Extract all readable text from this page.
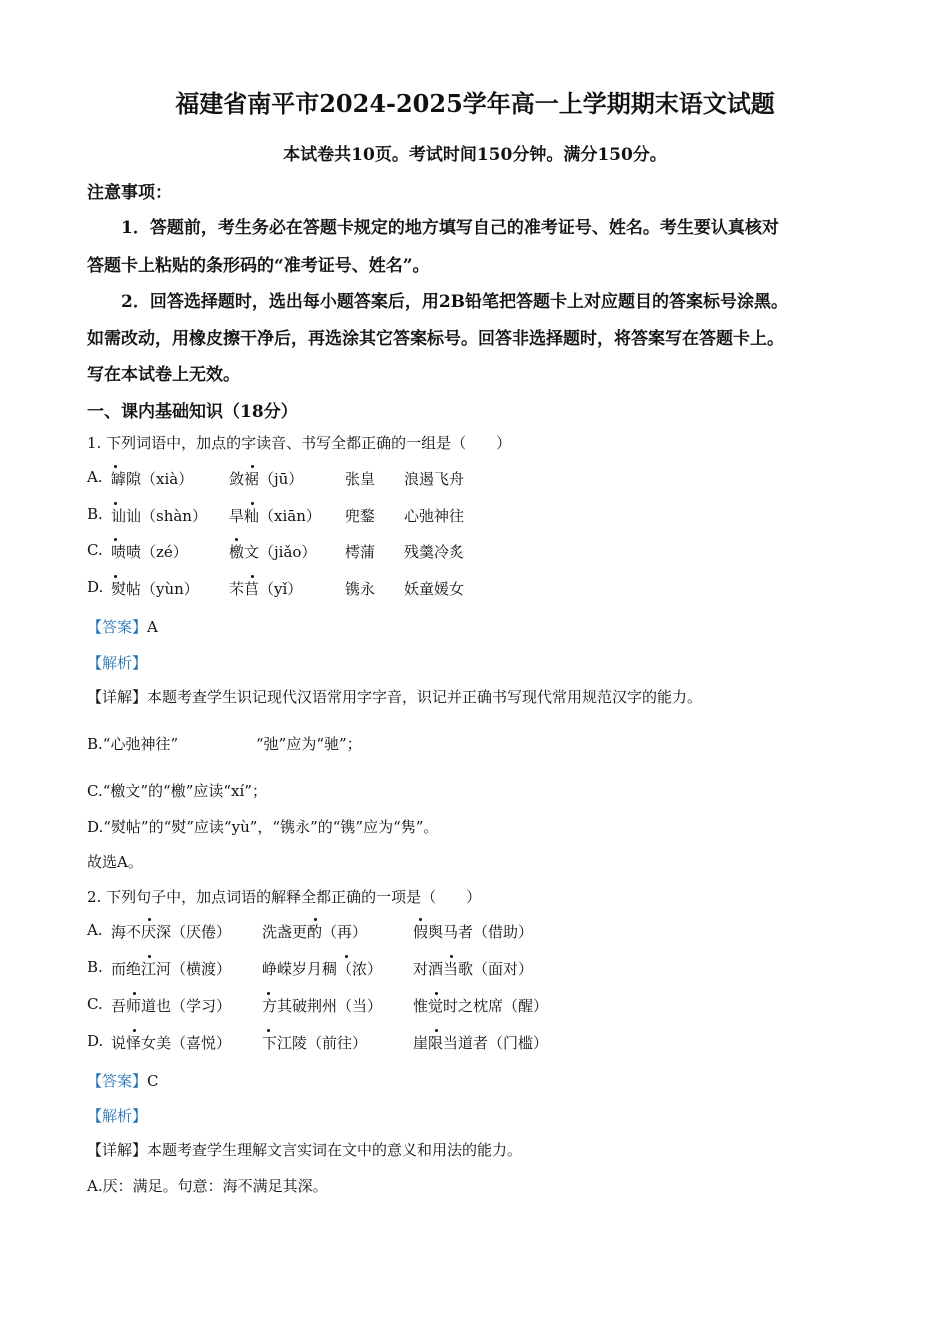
福建省南平市2024-2025学年高一上学期期末语文试题
本试卷共10页。考试时间150分钟。满分150分。
注意事项：
1．答题前，考生务必在答题卡规定的地方填写自己的准考证号、姓名。考生要认真核对
答题卡上粘贴的条形码的“准考证号、姓名”。
2．回答选择题时，选出每小题答案后，用2B铅笔把答题卡上对应题目的答案标号涂黑。
如需改动，用橡皮擦干净后，再选涂其它答案标号。回答非选择题时，将答案写在答题卡上。
写在本试卷上无效。
一、课内基础知识（18分）
1. 下列词语中，加点的字读音、书写全都正确的一组是（　　）
A. 罅隙（xià） 敛裾（jū）	张皇 浪遏飞舟
B. 讪讪（shàn） 旱籼（xiān） 兜鍪 心弛神往
C. 啧啧（zé）	檄文（jiǎo） 樗蒲 残羹冷炙
D. 熨帖（yùn） 芣苢（yǐ）	镌永 妖童媛女
【答案】A
【解析】
【详解】本题考查学生识记现代汉语常用字字音，识记并正确书写现代常用规范汉字的能力。
B.“心弛神往”	“弛”应为“驰”；
C.“檄文”的“檄”应读“xí”；
D.“熨帖”的“熨”应读“yù”，“镌永”的“镌”应为“隽”。
故选A。
2. 下列句子中，加点词语的解释全都正确的一项是（　　）
A. 海不厌深（厌倦） 洗盏更酌（再）	假舆马者（借助）
B. 而绝江河（横渡） 峥嵘岁月稠（浓） 对酒当歌（面对）
C. 吾师道也（学习） 方其破荆州（当） 惟觉时之枕席（醒）
D. 说怿女美（喜悦） 下江陵（前往）	崖限当道者（门槛）
【答案】C
【解析】
【详解】本题考查学生理解文言实词在文中的意义和用法的能力。
A.厌：满足。句意：海不满足其深。
